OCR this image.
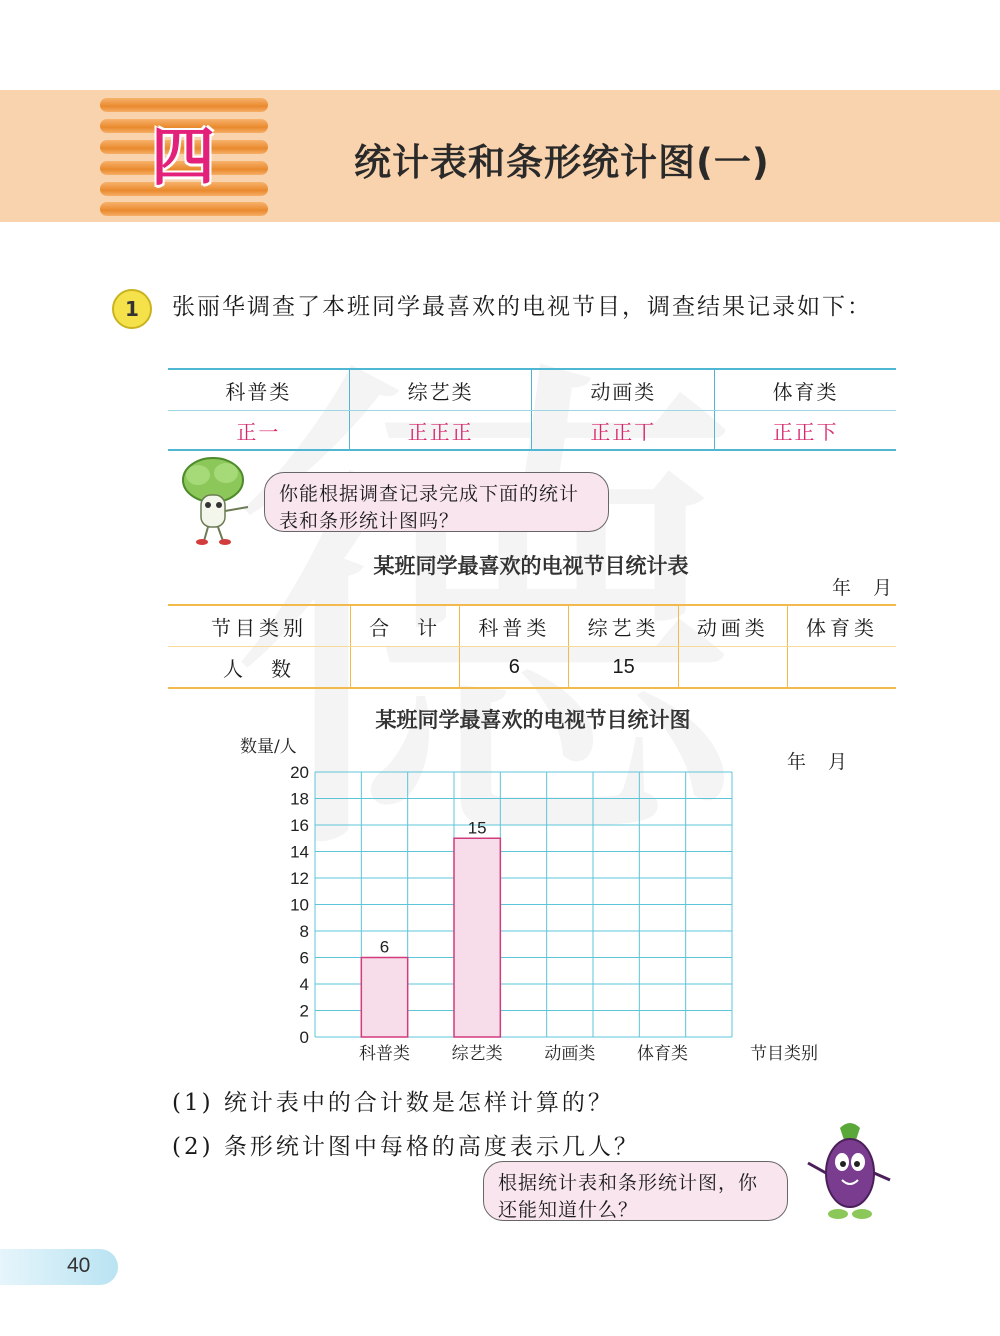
四	统计表和条形统计图(一)
1	张丽华调查了本班同学最喜欢的电视节目，调查结果记录如下：
科普类	综艺类	动画类	体育类
正一	正正正	正正丅	正正下
你能根据调查记录完成下面的统计表和条形统计图吗？
某班同学最喜欢的电视节目统计表
年月
节目类别	合　计	科普类	综艺类	动画类	体育类
人　数		6	15		
某班同学最喜欢的电视节目统计图
年月
0
2
4
6
8
10
12
14
16
18
20
数量/人
科普类
6
综艺类
15
动画类 体育类	节目类别
(1) 统计表中的合计数是怎样计算的？
(2) 条形统计图中每格的高度表示几人？
根据统计表和条形统计图，你还能知道什么？
40
